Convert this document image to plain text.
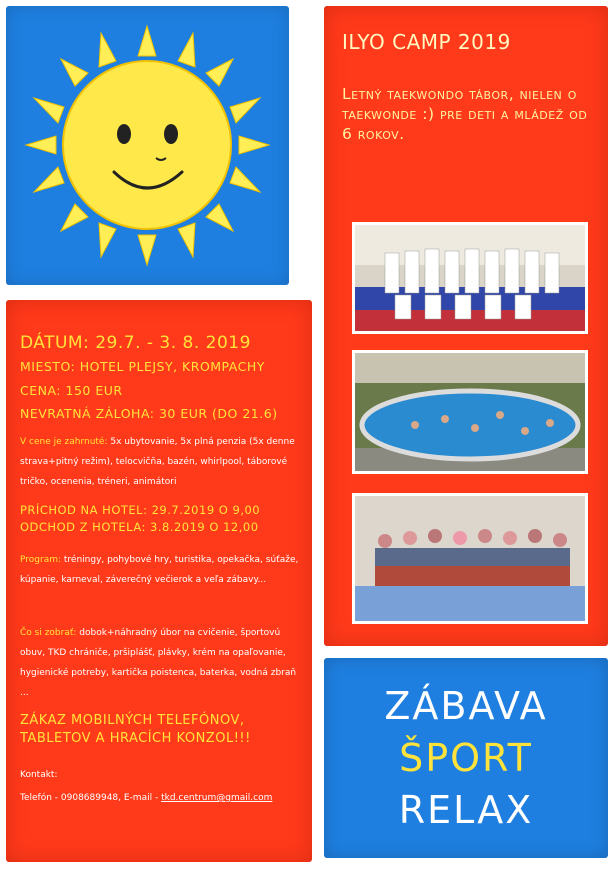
ILYO CAMP 2019
Letný taekwondo tábor, nielen o taekwonde :) pre deti a mládež od 6 rokov.
DÁTUM: 29.7. - 3. 8. 2019
MIESTO: HOTEL PLEJSY, KROMPACHY
CENA: 150 EUR
NEVRATNÁ ZÁLOHA: 30 EUR (DO 21.6)
V cene je zahrnuté: 5x ubytovanie, 5x plná penzia (5x denne strava+pitný režim), telocvičňa, bazén, whirlpool, táborové tričko, ocenenia, tréneri, animátori
PRÍCHOD NA HOTEL: 29.7.2019 O 9,00
ODCHOD Z HOTELA: 3.8.2019 O 12,00
Program: tréningy, pohybové hry, turistika, opekačka, súťaže, kúpanie, karneval, záverečný večierok a veľa zábavy...
Čo si zobrať: dobok+náhradný úbor na cvičenie, športovú obuv, TKD chrániče, pršiplášť, plávky, krém na opaľovanie, hygienické potreby, kartička poistenca, baterka, vodná zbraň ...
ZÁKAZ MOBILNÝCH TELEFÓNOV, TABLETOV A HRACÍCH KONZOL!!!
Kontakt:
Telefón - 0908689948, E-mail - tkd.centrum@gmail.com
ZÁBAVA
ŠPORT
RELAX
